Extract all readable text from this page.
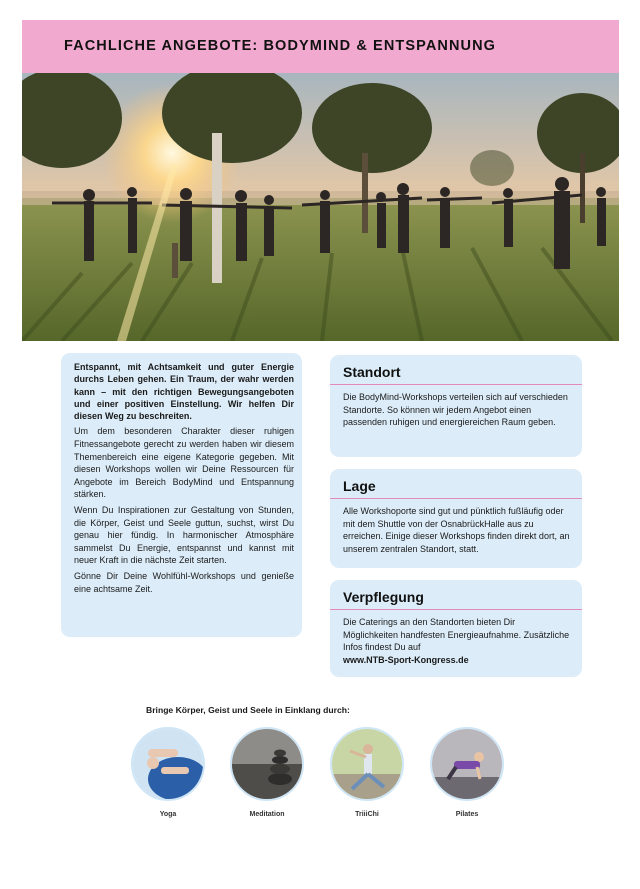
FACHLICHE ANGEBOTE: BODYMIND & ENTSPANNUNG

Entspannt, mit Achtsamkeit und guter Energie durchs Leben gehen. Ein Traum, der wahr werden kann – mit den richtigen Bewegungsangeboten und einer positiven Einstellung. Wir helfen Dir diesen Weg zu beschreiten.

Um dem besonderen Charakter dieser ruhigen Fitnessangebote gerecht zu werden haben wir diesem Themenbereich eine eigene Kategorie gegeben. Mit diesen Workshops wollen wir Deine Ressourcen für Angebote im Bereich BodyMind und Entspannung stärken.

Wenn Du Inspirationen zur Gestaltung von Stunden, die Körper, Geist und Seele guttun, suchst, wirst Du genau hier fündig. In harmonischer Atmosphäre sammelst Du Energie, entspannst und kannst mit neuer Kraft in die nächste Zeit starten.

Gönne Dir Deine Wohlfühl-Workshops und genieße eine achtsame Zeit.

Standort
Die BodyMind-Workshops verteilen sich auf verschieden Standorte. So können wir jedem Angebot einen passenden ruhigen und energiereichen Raum geben.
Lage
Alle Workshoporte sind gut und pünktlich fußläufig oder mit dem Shuttle von der OsnabrückHalle aus zu erreichen. Einige dieser Workshops finden direkt dort, an unserem zentralen Standort, statt.
Verpflegung
Die Caterings an den Standorten bieten Dir Möglichkeiten handfesten Energieaufnahme. Zusätzliche Infos findest Du auf
www.NTB-Sport-Kongress.de
Bringe Körper, Geist und Seele in Einklang durch:
Yoga	Meditation	TriiiChi	Pilates
